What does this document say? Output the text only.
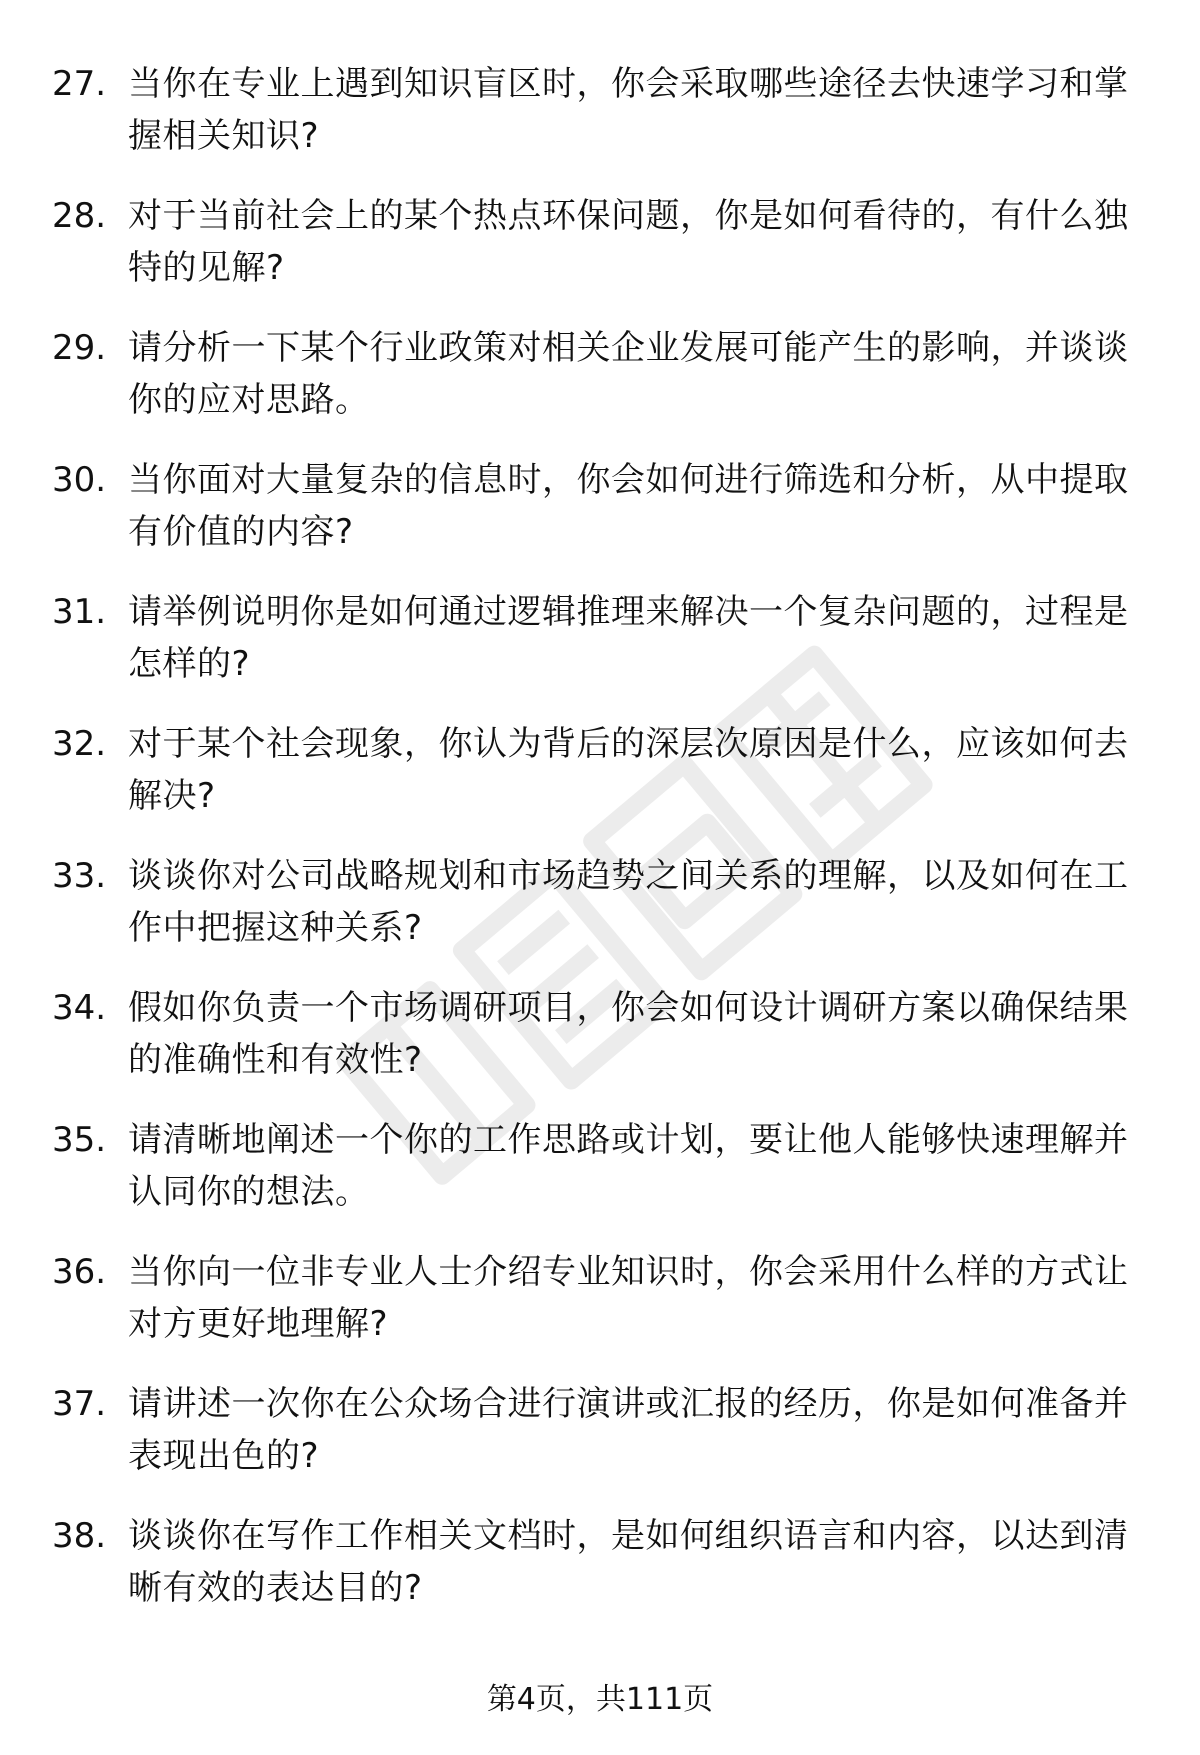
27. 当你在专业上遇到知识盲区时，你会采取哪些途径去快速学习和掌握相关知识?
28. 对于当前社会上的某个热点环保问题，你是如何看待的，有什么独特的见解?
29. 请分析一下某个行业政策对相关企业发展可能产生的影响，并谈谈你的应对思路。
30. 当你面对大量复杂的信息时，你会如何进行筛选和分析，从中提取有价值的内容?
31. 请举例说明你是如何通过逻辑推理来解决一个复杂问题的，过程是怎样的?
32. 对于某个社会现象，你认为背后的深层次原因是什么，应该如何去解决?
33. 谈谈你对公司战略规划和市场趋势之间关系的理解，以及如何在工作中把握这种关系?
34. 假如你负责一个市场调研项目，你会如何设计调研方案以确保结果的准确性和有效性?
35. 请清晰地阐述一个你的工作思路或计划，要让他人能够快速理解并认同你的想法。
36. 当你向一位非专业人士介绍专业知识时，你会采用什么样的方式让对方更好地理解?
37. 请讲述一次你在公众场合进行演讲或汇报的经历，你是如何准备并表现出色的?
38. 谈谈你在写作工作相关文档时，是如何组织语言和内容，以达到清晰有效的表达目的?
第4页，共111页
